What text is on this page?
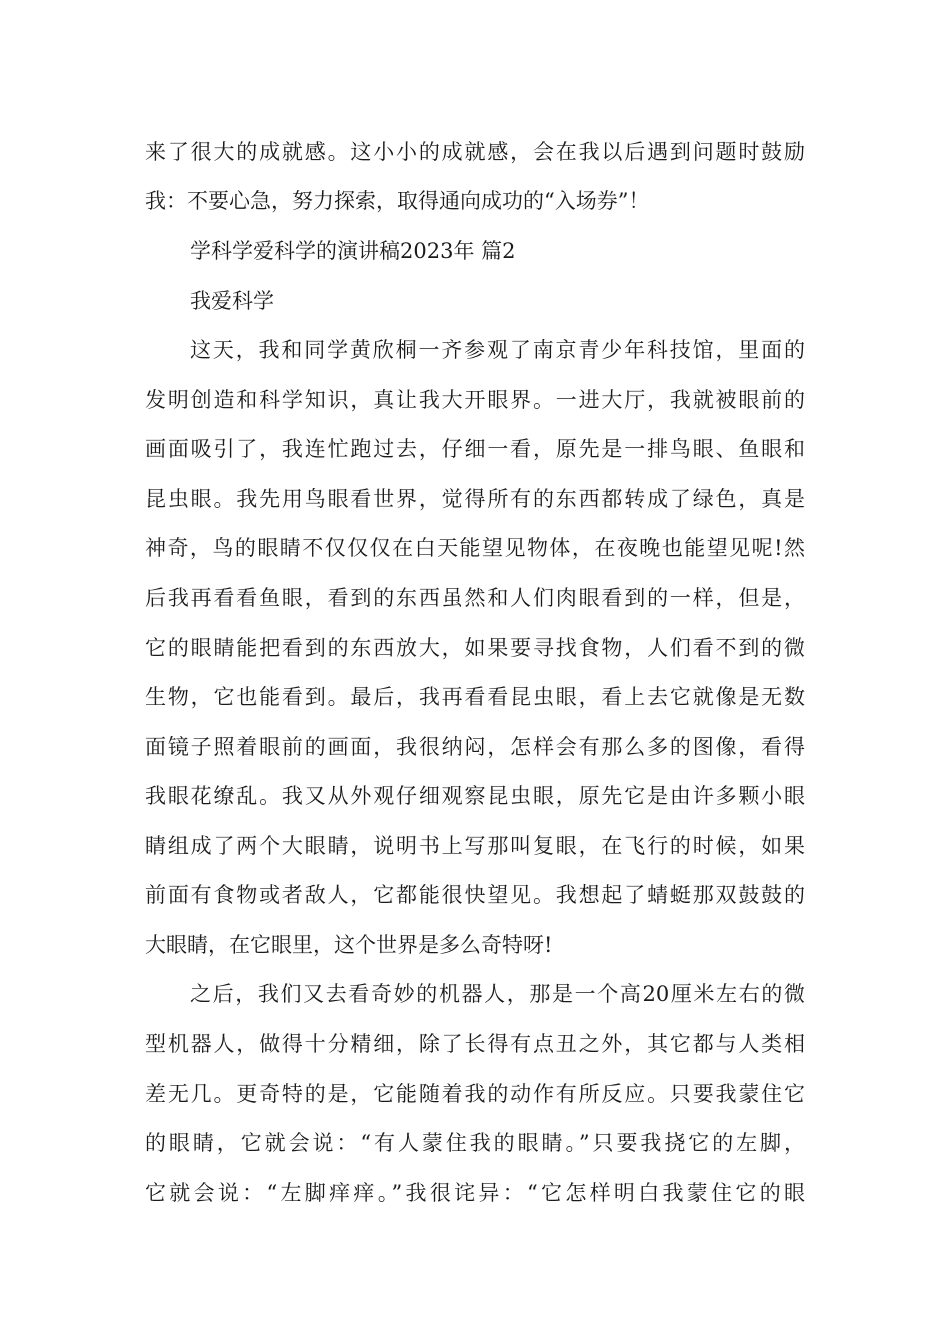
来了很大的成就感。这小小的成就感，会在我以后遇到问题时鼓励
我：不要心急，努力探索，取得通向成功的“入场券”！
学科学爱科学的演讲稿2023年 篇2
我爱科学
这天，我和同学黄欣桐一齐参观了南京青少年科技馆，里面的
发明创造和科学知识，真让我大开眼界。一进大厅，我就被眼前的
画面吸引了，我连忙跑过去，仔细一看，原先是一排鸟眼、鱼眼和
昆虫眼。我先用鸟眼看世界，觉得所有的东西都转成了绿色，真是
神奇，鸟的眼睛不仅仅仅在白天能望见物体，在夜晚也能望见呢!然
后我再看看鱼眼，看到的东西虽然和人们肉眼看到的一样，但是，
它的眼睛能把看到的东西放大，如果要寻找食物，人们看不到的微
生物，它也能看到。最后，我再看看昆虫眼，看上去它就像是无数
面镜子照着眼前的画面，我很纳闷，怎样会有那么多的图像，看得
我眼花缭乱。我又从外观仔细观察昆虫眼，原先它是由许多颗小眼
睛组成了两个大眼睛，说明书上写那叫复眼，在飞行的时候，如果
前面有食物或者敌人，它都能很快望见。我想起了蜻蜓那双鼓鼓的
大眼睛，在它眼里，这个世界是多么奇特呀!
之后，我们又去看奇妙的机器人，那是一个高20厘米左右的微
型机器人，做得十分精细，除了长得有点丑之外，其它都与人类相
差无几。更奇特的是，它能随着我的动作有所反应。只要我蒙住它
的眼睛，它就会说：“有人蒙住我的眼睛。”只要我挠它的左脚，
它就会说：“左脚痒痒。”我很诧异：“它怎样明白我蒙住它的眼
